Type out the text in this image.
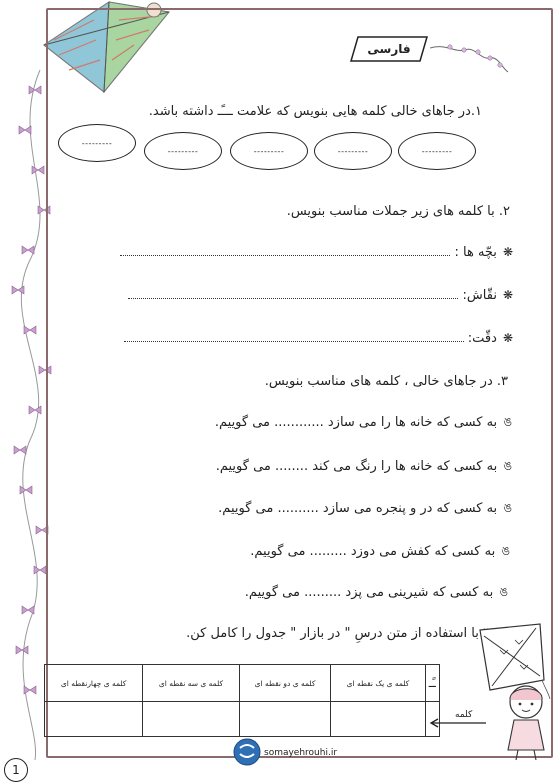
فارسی
۱.در جاهای خالی کلمه هایی بنویس که علامت ـــًـ داشته باشد.
---------
---------	---------	---------	---------
۲. با کلمه های زیر جملات مناسب بنویس.
❋بچّه ها :
❋نقّاش:
❋دقّت:
۳. در جاهای خالی ، کلمه های مناسب بنویس.
ঙبه کسی که خانه ها را می سازد ............ می گوییم.
ঙبه کسی که خانه ها را رنگ می کند ........ می گوییم.
ঙبه کسی که در و پنجره می سازد .......... می گوییم.
ঙبه کسی که کفش می دوزد ......... می گوییم.
ঙبه کسی که شیرینی می پزد ......... می گوییم.
با استفاده از متن درسِ " در بازار " جدول را کامل کن.
کلمه ی چهارنقطه ای	کلمه ی سه نقطه ای	کلمه ی دو نقطه ای	کلمه ی یک نقطه ای	ـًـ

کلمه
somayehrouhi.ir
1
